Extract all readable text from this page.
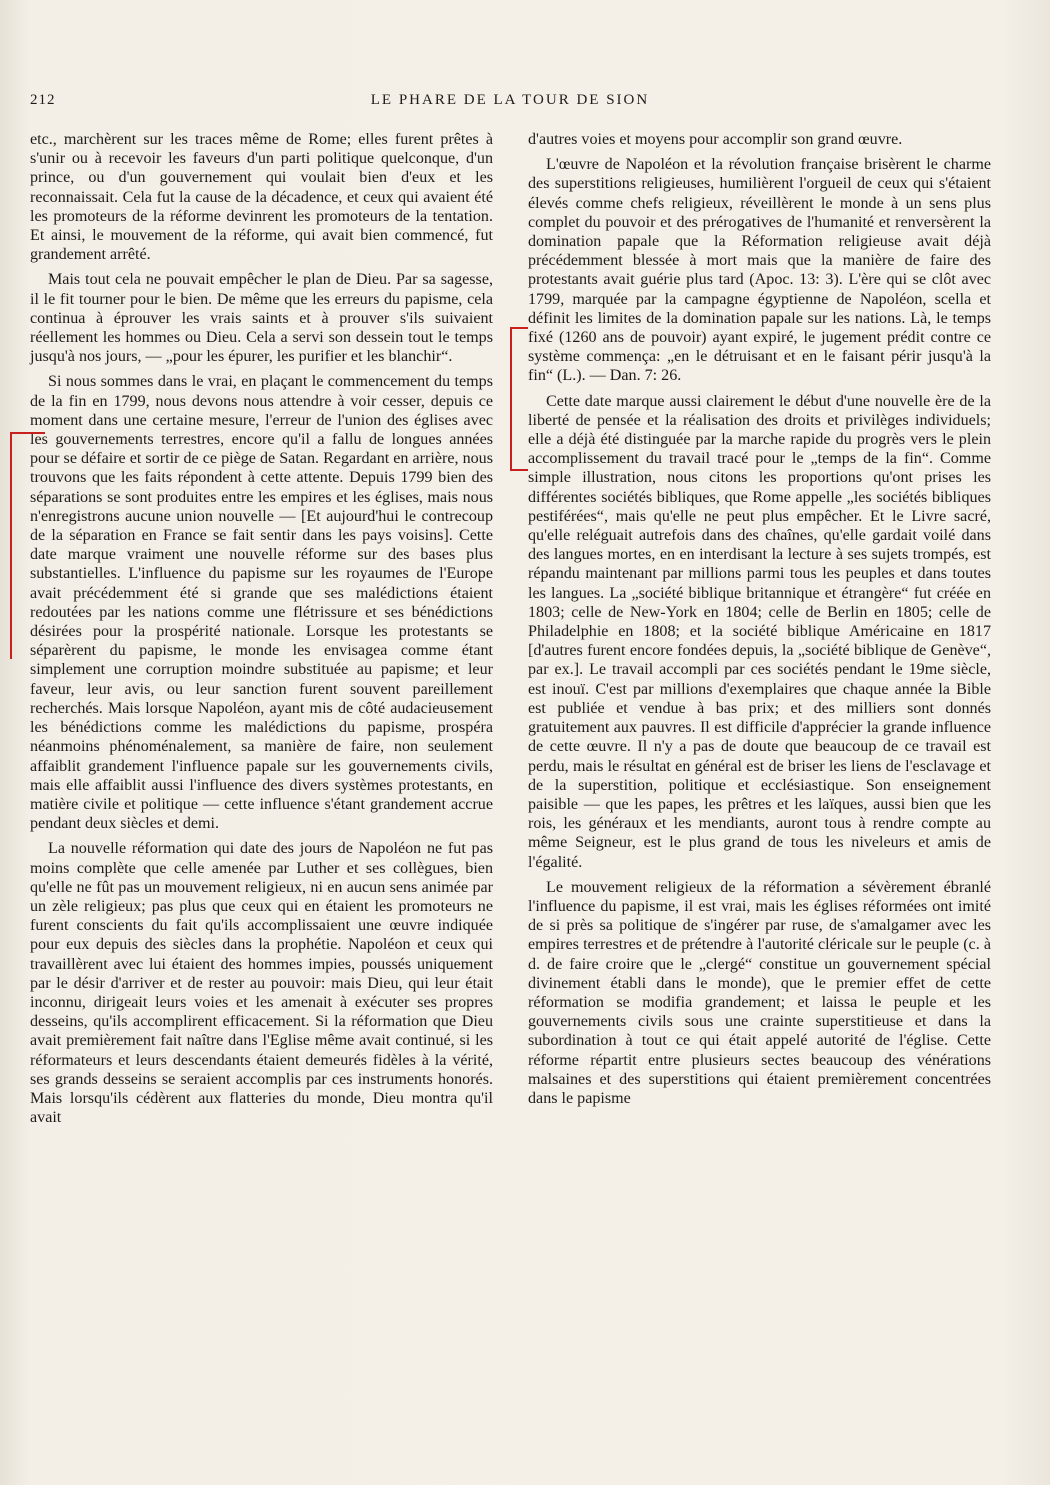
212	LE PHARE DE LA TOUR DE SION

etc., marchèrent sur les traces même de Rome; elles furent prêtes à s'unir ou à recevoir les faveurs d'un parti politique quelconque, d'un prince, ou d'un gouvernement qui voulait bien d'eux et les reconnaissait. Cela fut la cause de la décadence, et ceux qui avaient été les promoteurs de la réforme devinrent les promoteurs de la tentation. Et ainsi, le mouvement de la réforme, qui avait bien commencé, fut grandement arrêté.

Mais tout cela ne pouvait empêcher le plan de Dieu. Par sa sagesse, il le fit tourner pour le bien. De même que les erreurs du papisme, cela continua à éprouver les vrais saints et à prouver s'ils suivaient réellement les hommes ou Dieu. Cela a servi son dessein tout le temps jusqu'à nos jours, — „pour les épurer, les purifier et les blanchir“.

Si nous sommes dans le vrai, en plaçant le commencement du temps de la fin en 1799, nous devons nous attendre à voir cesser, depuis ce moment dans une certaine mesure, l'erreur de l'union des églises avec les gouvernements terrestres, encore qu'il a fallu de longues années pour se défaire et sortir de ce piège de Satan. Regardant en arrière, nous trouvons que les faits répondent à cette attente. Depuis 1799 bien des séparations se sont produites entre les empires et les églises, mais nous n'enregistrons aucune union nouvelle — [Et aujourd'hui le contrecoup de la séparation en France se fait sentir dans les pays voisins]. Cette date marque vraiment une nouvelle réforme sur des bases plus substantielles. L'influence du papisme sur les royaumes de l'Europe avait précédemment été si grande que ses malédictions étaient redoutées par les nations comme une flétrissure et ses bénédictions désirées pour la prospérité nationale. Lorsque les protestants se séparèrent du papisme, le monde les envisagea comme étant simplement une corruption moindre substituée au papisme; et leur faveur, leur avis, ou leur sanction furent souvent pareillement recherchés. Mais lorsque Napoléon, ayant mis de côté audacieusement les bénédictions comme les malédictions du papisme, prospéra néanmoins phénoménalement, sa manière de faire, non seulement affaiblit grandement l'influence papale sur les gouvernements civils, mais elle affaiblit aussi l'influence des divers systèmes protestants, en matière civile et politique — cette influence s'étant grandement accrue pendant deux siècles et demi.

La nouvelle réformation qui date des jours de Napoléon ne fut pas moins complète que celle amenée par Luther et ses collègues, bien qu'elle ne fût pas un mouvement religieux, ni en aucun sens animée par un zèle religieux; pas plus que ceux qui en étaient les promoteurs ne furent conscients du fait qu'ils accomplissaient une œuvre indiquée pour eux depuis des siècles dans la prophétie. Napoléon et ceux qui travaillèrent avec lui étaient des hommes impies, poussés uniquement par le désir d'arriver et de rester au pouvoir: mais Dieu, qui leur était inconnu, dirigeait leurs voies et les amenait à exécuter ses propres desseins, qu'ils accomplirent efficacement. Si la réformation que Dieu avait premièrement fait naître dans l'Eglise même avait continué, si les réformateurs et leurs descendants étaient demeurés fidèles à la vérité, ses grands desseins se seraient accomplis par ces instruments honorés. Mais lorsqu'ils cédèrent aux flatteries du monde, Dieu montra qu'il avait

d'autres voies et moyens pour accomplir son grand œuvre.

L'œuvre de Napoléon et la révolution française brisèrent le charme des superstitions religieuses, humilièrent l'orgueil de ceux qui s'étaient élevés comme chefs religieux, réveillèrent le monde à un sens plus complet du pouvoir et des prérogatives de l'humanité et renversèrent la domination papale que la Réformation religieuse avait déjà précédemment blessée à mort mais que la manière de faire des protestants avait guérie plus tard (Apoc. 13: 3). L'ère qui se clôt avec 1799, marquée par la campagne égyptienne de Napoléon, scella et définit les limites de la domination papale sur les nations. Là, le temps fixé (1260 ans de pouvoir) ayant expiré, le jugement prédit contre ce système commença: „en le détruisant et en le faisant périr jusqu'à la fin“ (L.). — Dan. 7: 26.

Cette date marque aussi clairement le début d'une nouvelle ère de la liberté de pensée et la réalisation des droits et privilèges individuels; elle a déjà été distinguée par la marche rapide du progrès vers le plein accomplissement du travail tracé pour le „temps de la fin“. Comme simple illustration, nous citons les proportions qu'ont prises les différentes sociétés bibliques, que Rome appelle „les sociétés bibliques pestiférées“, mais qu'elle ne peut plus empêcher. Et le Livre sacré, qu'elle reléguait autrefois dans des chaînes, qu'elle gardait voilé dans des langues mortes, en en interdisant la lecture à ses sujets trompés, est répandu maintenant par millions parmi tous les peuples et dans toutes les langues. La „société biblique britannique et étrangère“ fut créée en 1803; celle de New-York en 1804; celle de Berlin en 1805; celle de Philadelphie en 1808; et la société biblique Américaine en 1817 [d'autres furent encore fondées depuis, la „société biblique de Genève“, par ex.]. Le travail accompli par ces sociétés pendant le 19me siècle, est inouï. C'est par millions d'exemplaires que chaque année la Bible est publiée et vendue à bas prix; et des milliers sont donnés gratuitement aux pauvres. Il est difficile d'apprécier la grande influence de cette œuvre. Il n'y a pas de doute que beaucoup de ce travail est perdu, mais le résultat en général est de briser les liens de l'esclavage et de la superstition, politique et ecclésiastique. Son enseignement paisible — que les papes, les prêtres et les laïques, aussi bien que les rois, les généraux et les mendiants, auront tous à rendre compte au même Seigneur, est le plus grand de tous les niveleurs et amis de l'égalité.

Le mouvement religieux de la réformation a sévèrement ébranlé l'influence du papisme, il est vrai, mais les églises réformées ont imité de si près sa politique de s'ingérer par ruse, de s'amalgamer avec les empires terrestres et de prétendre à l'autorité cléricale sur le peuple (c. à d. de faire croire que le „clergé“ constitue un gouvernement spécial divinement établi dans le monde), que le premier effet de cette réformation se modifia grandement; et laissa le peuple et les gouvernements civils sous une crainte superstitieuse et dans la subordination à tout ce qui était appelé autorité de l'église. Cette réforme répartit entre plusieurs sectes beaucoup des vénérations malsaines et des superstitions qui étaient premièrement concentrées dans le papisme
